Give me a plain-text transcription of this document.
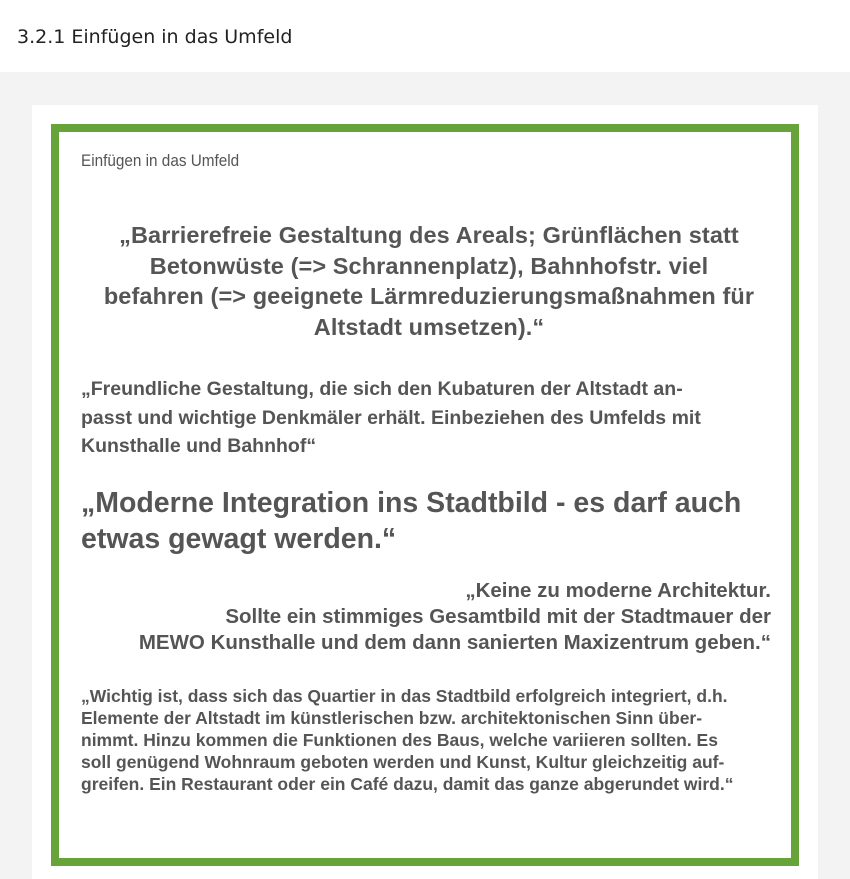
3.2.1 Einfügen in das Umfeld
Einfügen in das Umfeld

„Barrierefreie Gestaltung des Areals; Grünflächen statt
Betonwüste (=> Schrannenplatz), Bahnhofstr. viel
befahren (=> geeignete Lärmreduzierungsmaßnahmen für
Altstadt umsetzen).“

„Freundliche Gestaltung, die sich den Kubaturen der Altstadt an-
passt und wichtige Denkmäler erhält. Einbeziehen des Umfelds mit
Kunsthalle und Bahnhof“

„Moderne Integration ins Stadtbild - es darf auch
etwas gewagt werden.“

„Keine zu moderne Architektur.
Sollte ein stimmiges Gesamtbild mit der Stadtmauer der
MEWO Kunsthalle und dem dann sanierten Maxizentrum geben.“

„Wichtig ist, dass sich das Quartier in das Stadtbild erfolgreich integriert, d.h.
Elemente der Altstadt im künstlerischen bzw. architektonischen Sinn über-
nimmt. Hinzu kommen die Funktionen des Baus, welche variieren sollten. Es
soll genügend Wohnraum geboten werden und Kunst, Kultur gleichzeitig auf-
greifen. Ein Restaurant oder ein Café dazu, damit das ganze abgerundet wird.“
